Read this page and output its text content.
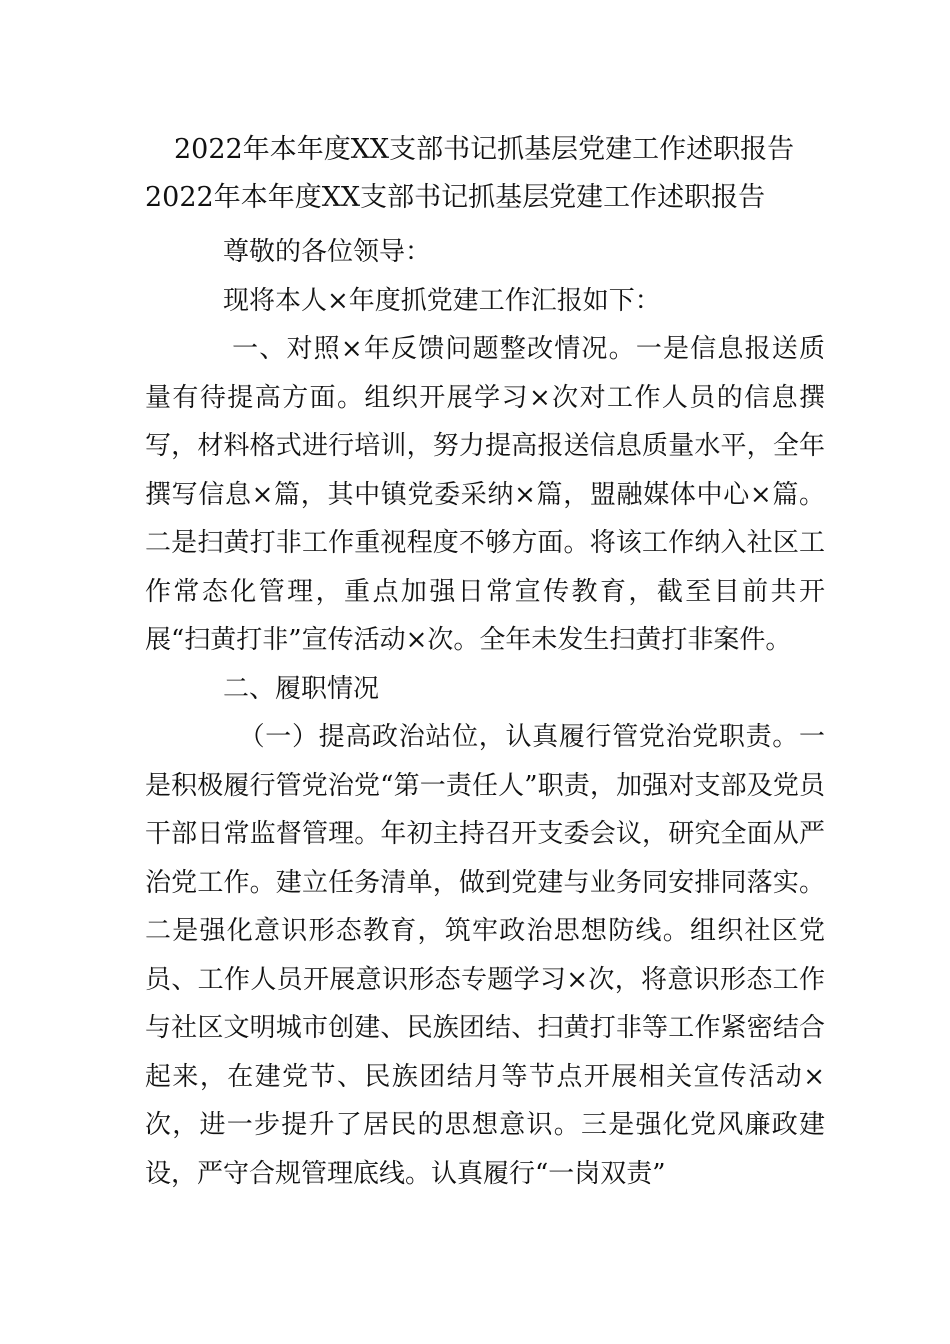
2022年本年度XX支部书记抓基层党建工作述职报告
2022年本年度XX支部书记抓基层党建工作述职报告

尊敬的各位领导：

现将本人×年度抓党建工作汇报如下：

一、对照×年反馈问题整改情况。一是信息报送质量有待提高方面。组织开展学习×次对工作人员的信息撰写，材料格式进行培训，努力提高报送信息质量水平，全年撰写信息×篇，其中镇党委采纳×篇，盟融媒体中心×篇。二是扫黄打非工作重视程度不够方面。将该工作纳入社区工作常态化管理，重点加强日常宣传教育，截至目前共开展“扫黄打非”宣传活动×次。全年未发生扫黄打非案件。

二、履职情况

（一）提高政治站位，认真履行管党治党职责。一是积极履行管党治党“第一责任人”职责，加强对支部及党员干部日常监督管理。年初主持召开支委会议，研究全面从严治党工作。建立任务清单，做到党建与业务同安排同落实。二是强化意识形态教育，筑牢政治思想防线。组织社区党员、工作人员开展意识形态专题学习×次，将意识形态工作与社区文明城市创建、民族团结、扫黄打非等工作紧密结合起来，在建党节、民族团结月等节点开展相关宣传活动×次，进一步提升了居民的思想意识。三是强化党风廉政建设，严守合规管理底线。认真履行“一岗双责”
